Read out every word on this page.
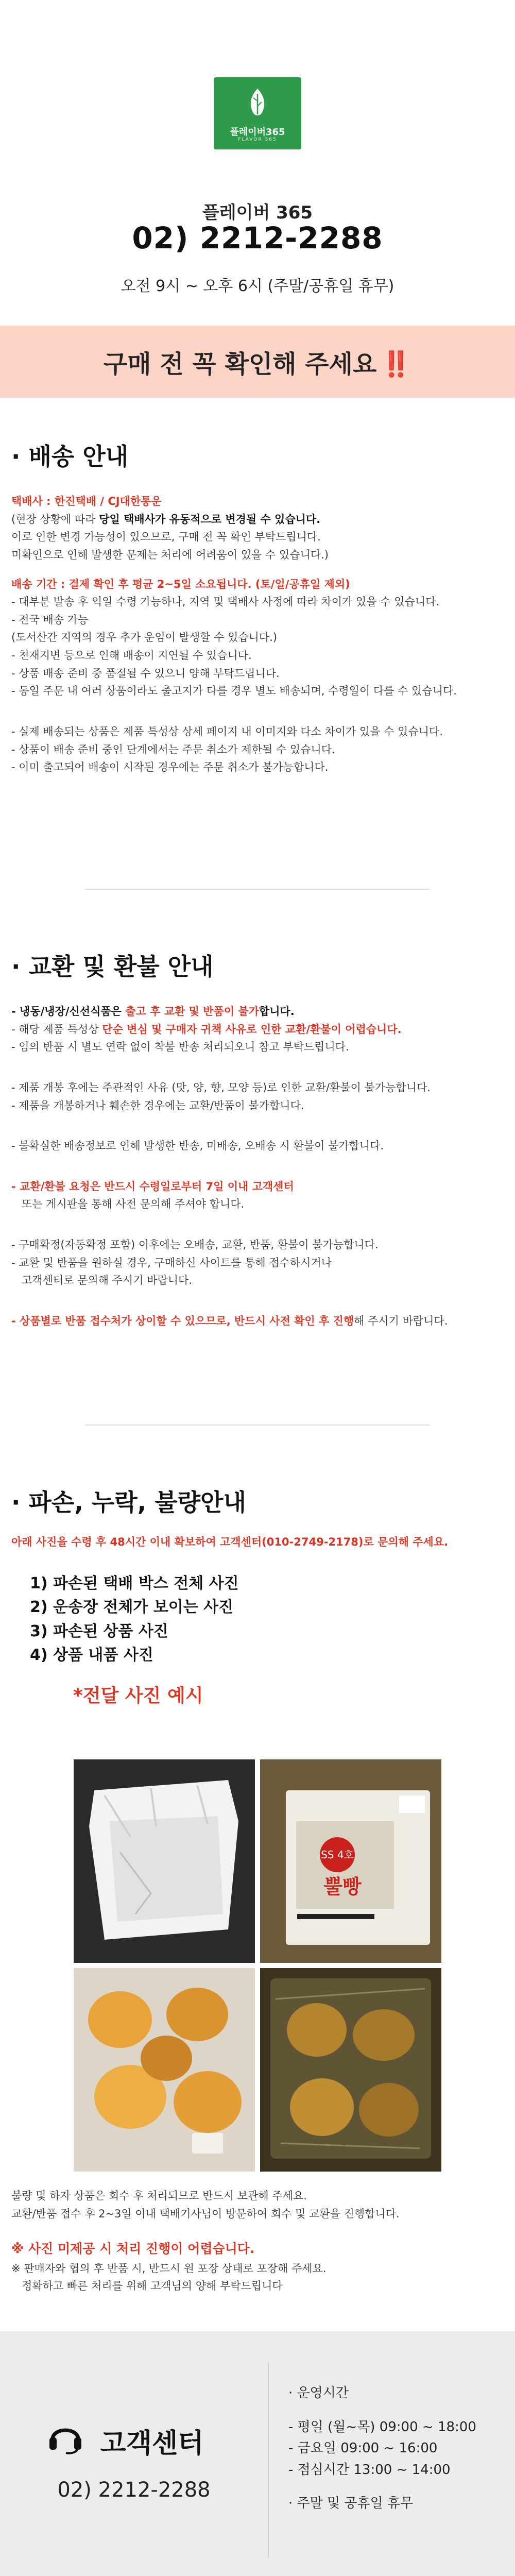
플레이버365
FLAVOR 365
플레이버 365
02) 2212-2288
오전 9시 ~ 오후 6시 (주말/공휴일 휴무)
구매 전 꼭 확인해 주세요 ‼️
· 배송 안내
택배사 : 한진택배 / CJ대한통운
(현장 상황에 따라 당일 택배사가 유동적으로 변경될 수 있습니다.
이로 인한 변경 가능성이 있으므로, 구매 전 꼭 확인 부탁드립니다.
미확인으로 인해 발생한 문제는 처리에 어려움이 있을 수 있습니다.)
배송 기간 : 결제 확인 후 평균 2~5일 소요됩니다. (토/일/공휴일 제외)
- 대부분 발송 후 익일 수령 가능하나, 지역 및 택배사 사정에 따라 차이가 있을 수 있습니다.
- 전국 배송 가능
(도서산간 지역의 경우 추가 운임이 발생할 수 있습니다.)
- 천재지변 등으로 인해 배송이 지연될 수 있습니다.
- 상품 배송 준비 중 품절될 수 있으니 양해 부탁드립니다.
- 동일 주문 내 여러 상품이라도 출고지가 다를 경우 별도 배송되며, 수령일이 다를 수 있습니다.
- 실제 배송되는 상품은 제품 특성상 상세 페이지 내 이미지와 다소 차이가 있을 수 있습니다.
- 상품이 배송 준비 중인 단계에서는 주문 취소가 제한될 수 있습니다.
- 이미 출고되어 배송이 시작된 경우에는 주문 취소가 불가능합니다.
· 교환 및 환불 안내
- 냉동/냉장/신선식품은 출고 후 교환 및 반품이 불가합니다.
- 해당 제품 특성상 단순 변심 및 구매자 귀책 사유로 인한 교환/환불이 어렵습니다.
- 임의 반품 시 별도 연락 없이 착불 반송 처리되오니 참고 부탁드립니다.
- 제품 개봉 후에는 주관적인 사유 (맛, 양, 향, 모양 등)로 인한 교환/환불이 불가능합니다.
- 제품을 개봉하거나 훼손한 경우에는 교환/반품이 불가합니다.
- 불확실한 배송정보로 인해 발생한 반송, 미배송, 오배송 시 환불이 불가합니다.
- 교환/환불 요청은 반드시 수령일로부터 7일 이내 고객센터
또는 게시판을 통해 사전 문의해 주셔야 합니다.
- 구매확정(자동확정 포함) 이후에는 오배송, 교환, 반품, 환불이 불가능합니다.
- 교환 및 반품을 원하실 경우, 구매하신 사이트를 통해 접수하시거나
고객센터로 문의해 주시기 바랍니다.
- 상품별로 반품 접수처가 상이할 수 있으므로, 반드시 사전 확인 후 진행해 주시기 바랍니다.
· 파손, 누락, 불량안내
아래 사진을 수령 후 48시간 이내 확보하여 고객센터(010-2749-2178)로 문의해 주세요.
1) 파손된 택배 박스 전체 사진
2) 운송장 전체가 보이는 사진
3) 파손된 상품 사진
4) 상품 내품 사진
*전달 사진 예시
SS 4호
뿔빵
불량 및 하자 상품은 회수 후 처리되므로 반드시 보관해 주세요.
교환/반품 접수 후 2~3일 이내 택배기사님이 방문하여 회수 및 교환을 진행합니다.
※ 사진 미제공 시 처리 진행이 어렵습니다.
※ 판매자와 협의 후 반품 시, 반드시 원 포장 상태로 포장해 주세요.
정확하고 빠른 처리를 위해 고객님의 양해 부탁드립니다
고객센터
02) 2212-2288
· 운영시간
- 평일 (월~목) 09:00 ~ 18:00
- 금요일 09:00 ~ 16:00
- 점심시간 13:00 ~ 14:00
· 주말 및 공휴일 휴무
